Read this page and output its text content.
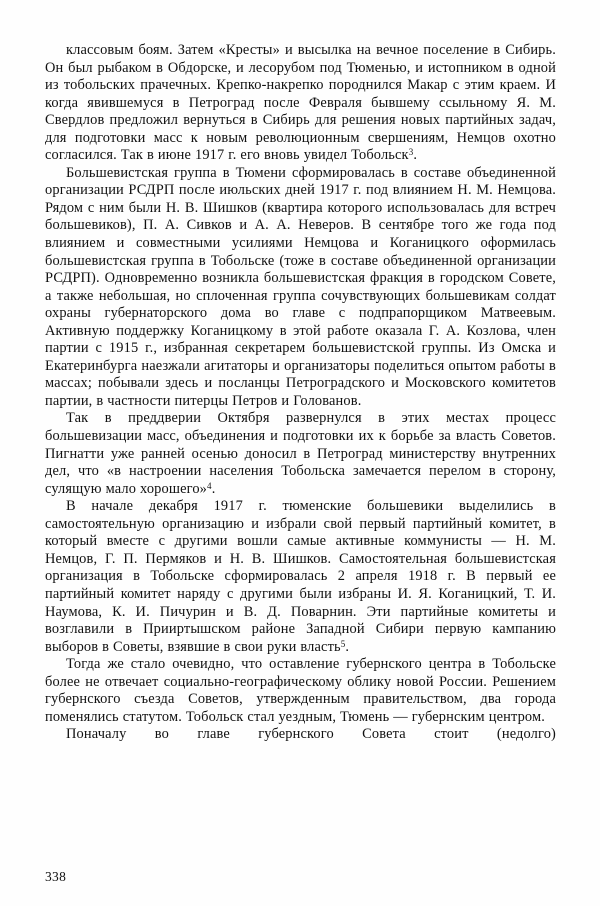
классовым боям. Затем «Кресты» и высылка на вечное поселение в Сибирь. Он был рыбаком в Обдорске, и лесорубом под Тюменью, и истопником в одной из тобольских прачечных. Крепко-накрепко породнился Макар с этим краем. И когда явившемуся в Петроград после Февраля бывшему ссыльному Я. М. Свердлов предложил вернуться в Сибирь для решения новых партийных задач, для подготовки масс к новым революционным свершениям, Немцов охотно согласился. Так в июне 1917 г. его вновь увидел Тобольск$^3$.

Большевистская группа в Тюмени сформировалась в составе объединенной организации РСДРП после июльских дней 1917 г. под влиянием Н. М. Немцова. Рядом с ним были Н. В. Шишков (квартира которого использовалась для встреч большевиков), П. А. Сивков и А. А. Неверов. В сентябре того же года под влиянием и совместными усилиями Немцова и Коганицкого оформилась большевистская группа в Тобольске (тоже в составе объединенной организации РСДРП). Одновременно возникла большевистская фракция в городском Совете, а также небольшая, но сплоченная группа сочувствующих большевикам солдат охраны губернаторского дома во главе с подпрапорщиком Матвеевым. Активную поддержку Коганицкому в этой работе оказала Г. А. Козлова, член партии с 1915 г., избранная секретарем большевистской группы. Из Омска и Екатеринбурга наезжали агитаторы и организаторы поделиться опытом работы в массах; побывали здесь и посланцы Петроградского и Московского комитетов партии, в частности питерцы Петров и Голованов.

Так в преддверии Октября развернулся в этих местах процесс большевизации масс, объединения и подготовки их к борьбе за власть Советов. Пигнатти уже ранней осенью доносил в Петроград министерству внутренних дел, что «в настроении населения Тобольска замечается перелом в сторону, сулящую мало хорошего»$^4$.

В начале декабря 1917 г. тюменские большевики выделились в самостоятельную организацию и избрали свой первый партийный комитет, в который вместе с другими вошли самые активные коммунисты — Н. М. Немцов, Г. П. Пермяков и Н. В. Шишков. Самостоятельная большевистская организация в Тобольске сформировалась 2 апреля 1918 г. В первый ее партийный комитет наряду с другими были избраны И. Я. Коганицкий, Т. И. Наумова, К. И. Пичурин и В. Д. Поварнин. Эти партийные комитеты и возглавили в Прииртышском районе Западной Сибири первую кампанию выборов в Советы, взявшие в свои руки власть$^5$.

Тогда же стало очевидно, что оставление губернского центра в Тобольске более не отвечает социально-географическому облику новой России. Решением губернского съезда Советов, утвержденным правительством, два города поменялись статутом. Тобольск стал уездным, Тюмень — губернским центром.

Поначалу во главе губернского Совета стоит (недолго)

338
